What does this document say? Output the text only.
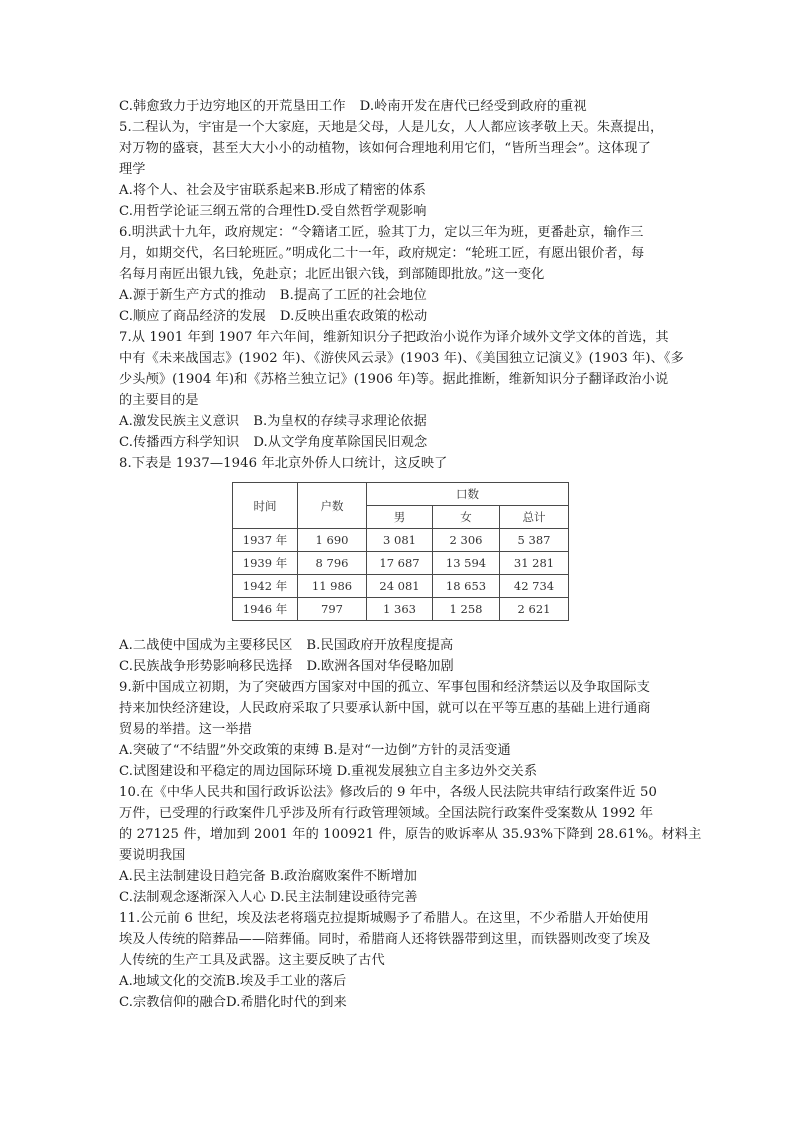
C.韩愈致力于边穷地区的开荒垦田工作 D.岭南开发在唐代已经受到政府的重视
5.二程认为，宇宙是一个大家庭，天地是父母，人是儿女，人人都应该孝敬上天。朱熹提出，
对万物的盛衰，甚至大大小小的动植物，该如何合理地利用它们，“皆所当理会”。这体现了
理学
A.将个人、社会及宇宙联系起来B.形成了精密的体系
C.用哲学论证三纲五常的合理性D.受自然哲学观影响
6.明洪武十九年，政府规定：“令籍诸工匠，验其丁力，定以三年为班，更番赴京，输作三
月，如期交代，名曰轮班匠。”明成化二十一年，政府规定：“轮班工匠，有愿出银价者，每
名每月南匠出银九钱，免赴京；北匠出银六钱，到部随即批放。”这一变化
A.源于新生产方式的推动 B.提高了工匠的社会地位
C.顺应了商品经济的发展 D.反映出重农政策的松动
7.从 1901 年到 1907 年六年间，维新知识分子把政治小说作为译介域外文学文体的首选，其
中有《未来战国志》(1902 年)、《游侠风云录》(1903 年)、《美国独立记演义》(1903 年)、《多
少头颅》(1904 年)和《苏格兰独立记》(1906 年)等。据此推断，维新知识分子翻译政治小说
的主要目的是
A.激发民族主义意识 B.为皇权的存续寻求理论依据
C.传播西方科学知识 D.从文学角度革除国民旧观念
8.下表是 1937—1946 年北京外侨人口统计，这反映了
时间	户数	口数		
		男	女	总计
1937 年	1 690	3 081	2 306	5 387
1939 年	8 796	17 687	13 594	31 281
1942 年	11 986	24 081	18 653	42 734
1946 年	797	1 363	1 258	2 621
A.二战使中国成为主要移民区 B.民国政府开放程度提高
C.民族战争形势影响移民选择 D.欧洲各国对华侵略加剧
9.新中国成立初期，为了突破西方国家对中国的孤立、军事包围和经济禁运以及争取国际支
持来加快经济建设，人民政府采取了只要承认新中国，就可以在平等互惠的基础上进行通商
贸易的举措。这一举措
A.突破了“不结盟”外交政策的束缚 B.是对“一边倒”方针的灵活变通
C.试图建设和平稳定的周边国际环境 D.重视发展独立自主多边外交关系
10.在《中华人民共和国行政诉讼法》修改后的 9 年中，各级人民法院共审结行政案件近 50
万件，已受理的行政案件几乎涉及所有行政管理领域。全国法院行政案件受案数从 1992 年
的 27125 件，增加到 2001 年的 100921 件，原告的败诉率从 35.93%下降到 28.61%。材料主
要说明我国
A.民主法制建设日趋完备 B.政治腐败案件不断增加
C.法制观念逐渐深入人心 D.民主法制建设亟待完善
11.公元前 6 世纪，埃及法老将瑙克拉提斯城赐予了希腊人。在这里，不少希腊人开始使用
埃及人传统的陪葬品——陪葬俑。同时，希腊商人还将铁器带到这里，而铁器则改变了埃及
人传统的生产工具及武器。这主要反映了古代
A.地域文化的交流B.埃及手工业的落后
C.宗教信仰的融合D.希腊化时代的到来
